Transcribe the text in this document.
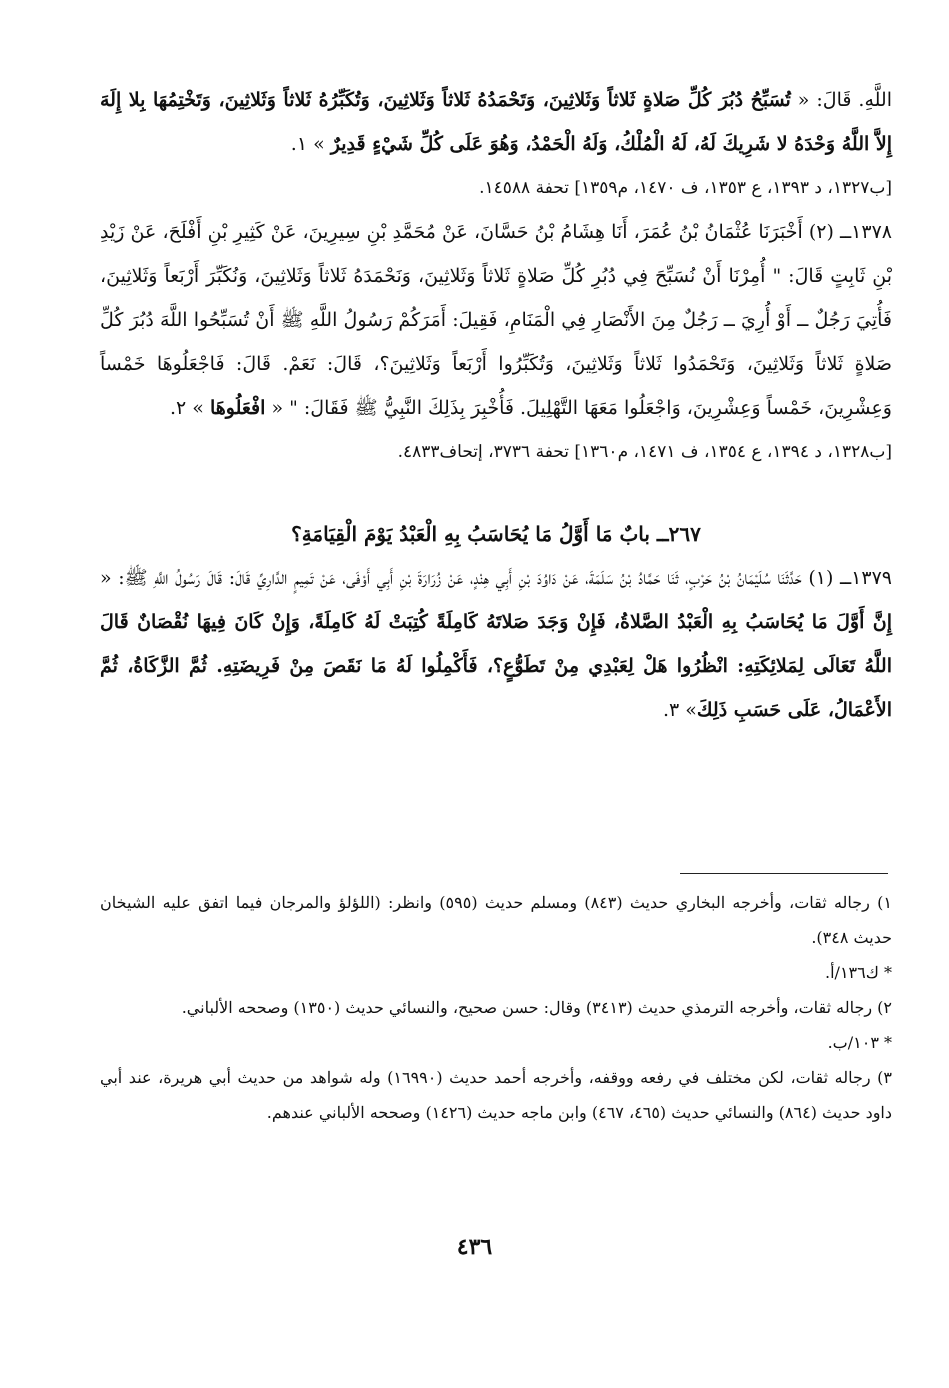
اللَّهِ. قَالَ: « تُسَبِّحُ دُبُرَ كُلِّ صَلاةٍ ثَلاثاً وَثَلاثِينَ، وَتَحْمَدُهُ ثَلاثاً وَثَلاثِينَ، وَتُكَبِّرُهُ ثَلاثاً وَثَلاثِينَ، وَتَخْتِمُهَا بِلا إِلَهَ إِلاَّ اللَّهُ وَحْدَهُ لا شَرِيكَ لَهُ، لَهُ الْمُلْكُ، وَلَهُ الْحَمْدُ، وَهُوَ عَلَى كُلِّ شَيْءٍ قَدِيرٌ » ١.

[ب١٣٢٧، د ١٣٩٣، ع ١٣٥٣، ف ١٤٧٠، م١٣٥٩] تحفة ١٤٥٨٨.

١٣٧٨ــ (٢) أَخْبَرَنَا عُثْمَانُ بْنُ عُمَرَ، أَنَا هِشَامُ بْنُ حَسَّانَ، عَنْ مُحَمَّدِ بْنِ سِيرِينَ، عَنْ كَثِيرِ بْنِ أَفْلَحَ، عَنْ زَيْدِ بْنِ ثَابِتٍ قَالَ: " أُمِرْنَا أَنْ نُسَبِّحَ فِي دُبُرِ كُلِّ صَلاةٍ ثَلاثاً وَثَلاثِينَ، وَنَحْمَدَهُ ثَلاثاً وَثَلاثِينَ، وَنُكَبِّرَ أَرْبَعاً وَثَلاثِينَ، فَأُتِيَ رَجُلٌ ــ أَوْ أُرِيَ ــ رَجُلٌ مِنَ الأَنْصَارِ فِي الْمَنَامِ، فَقِيلَ: أَمَرَكُمْ رَسُولُ اللَّهِ ﷺ أَنْ تُسَبِّحُوا اللَّهَ دُبُرَ كُلِّ صَلاةٍ ثَلاثاً وَثَلاثِينَ، وَتَحْمَدُوا ثَلاثاً وَثَلاثِينَ، وَتُكَبِّرُوا أَرْبَعاً وَثَلاثِينَ؟، قَالَ: نَعَمْ. قَالَ: فَاجْعَلُوهَا خَمْساً وَعِشْرِينَ، خَمْساً وَعِشْرِينَ، وَاجْعَلُوا مَعَهَا التَّهْلِيلَ. فَأُخْبِرَ بِذَلِكَ النَّبِيُّ ﷺ فَقَالَ: " « افْعَلُوهَا » ٢.

[ب١٣٢٨، د ١٣٩٤، ع ١٣٥٤، ف ١٤٧١، م١٣٦٠] تحفة ٣٧٣٦، إتحاف٤٨٣٣.

٢٦٧ــ بابٌ مَا أَوَّلُ مَا يُحَاسَبُ بِهِ الْعَبْدُ يَوْمَ الْقِيَامَةِ؟

١٣٧٩ــ (١) حَدَّثَنَا سُلَيْمَانُ بْنُ حَرْبٍ، ثَنَا حَمَّادُ بْنُ سَلَمَةَ، عَنْ دَاوُدَ بْنِ أَبِي هِنْدٍ، عَنْ زُرَارَةَ بْنِ أَبِي أَوْفَى، عَنْ تَمِيمٍ الدَّارِيِّ قَالَ: قَالَ رَسُولُ اللَّهِ ﷺ: « إِنَّ أَوَّلَ مَا يُحَاسَبُ بِهِ الْعَبْدُ الصَّلاةُ، فَإِنْ وَجَدَ صَلاتَهُ كَامِلَةً كُتِبَتْ لَهُ كَامِلَةً، وَإِنْ كَانَ فِيهَا نُقْصَانٌ قَالَ اللَّهُ تَعَالَى لِمَلائِكَتِهِ: انْظُرُوا هَلْ لِعَبْدِي مِنْ تَطَوُّعٍ؟، فَأَكْمِلُوا لَهُ مَا نَقَصَ مِنْ فَرِيضَتِهِ. ثُمَّ الزَّكَاةُ، ثُمَّ الأَعْمَالُ، عَلَى حَسَبِ ذَلِكَ» ٣.

١) رجاله ثقات، وأخرجه البخاري حديث (٨٤٣) ومسلم حديث (٥٩٥) وانظر: (اللؤلؤ والمرجان فيما اتفق عليه الشيخان حديث ٣٤٨).

* ك١٣٦/أ.

٢) رجاله ثقات، وأخرجه الترمذي حديث (٣٤١٣) وقال: حسن صحيح، والنسائي حديث (١٣٥٠) وصححه الألباني.

* ١٠٣/ب.

٣) رجاله ثقات، لكن مختلف في رفعه ووقفه، وأخرجه أحمد حديث (١٦٩٩٠) وله شواهد من حديث أبي هريرة، عند أبي داود حديث (٨٦٤) والنسائي حديث (٤٦٥، ٤٦٧) وابن ماجه حديث (١٤٢٦) وصححه الألباني عندهم.

٤٣٦
